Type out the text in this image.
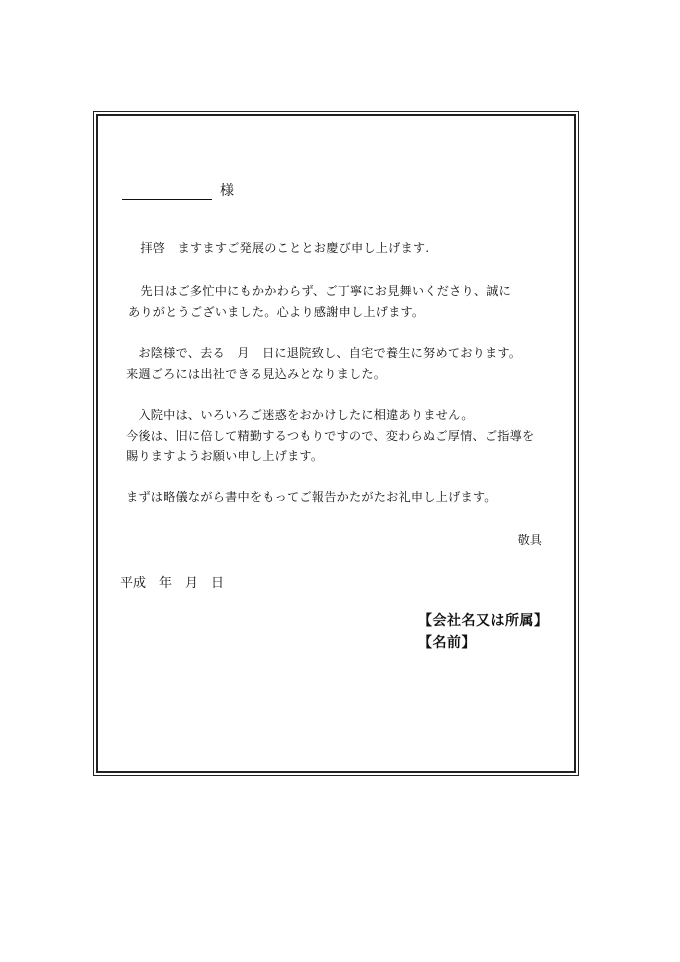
様
　拝啓　ますますご発展のこととお慶び申し上げます.
　先日はご多忙中にもかかわらず、ご丁寧にお見舞いくださり、誠に
ありがとうございました。心より感謝申し上げます。
　お陰様で、去る　月　日に退院致し、自宅で養生に努めております。
来週ごろには出社できる見込みとなりました。
　入院中は、いろいろご迷惑をおかけしたに相違ありません。
今後は、旧に倍して精勤するつもりですので、変わらぬご厚情、ご指導を
賜りますようお願い申し上げます。
まずは略儀ながら書中をもってご報告かたがたお礼申し上げます。
敬具
平成　年　月　日
【会社名又は所属】
【名前】
